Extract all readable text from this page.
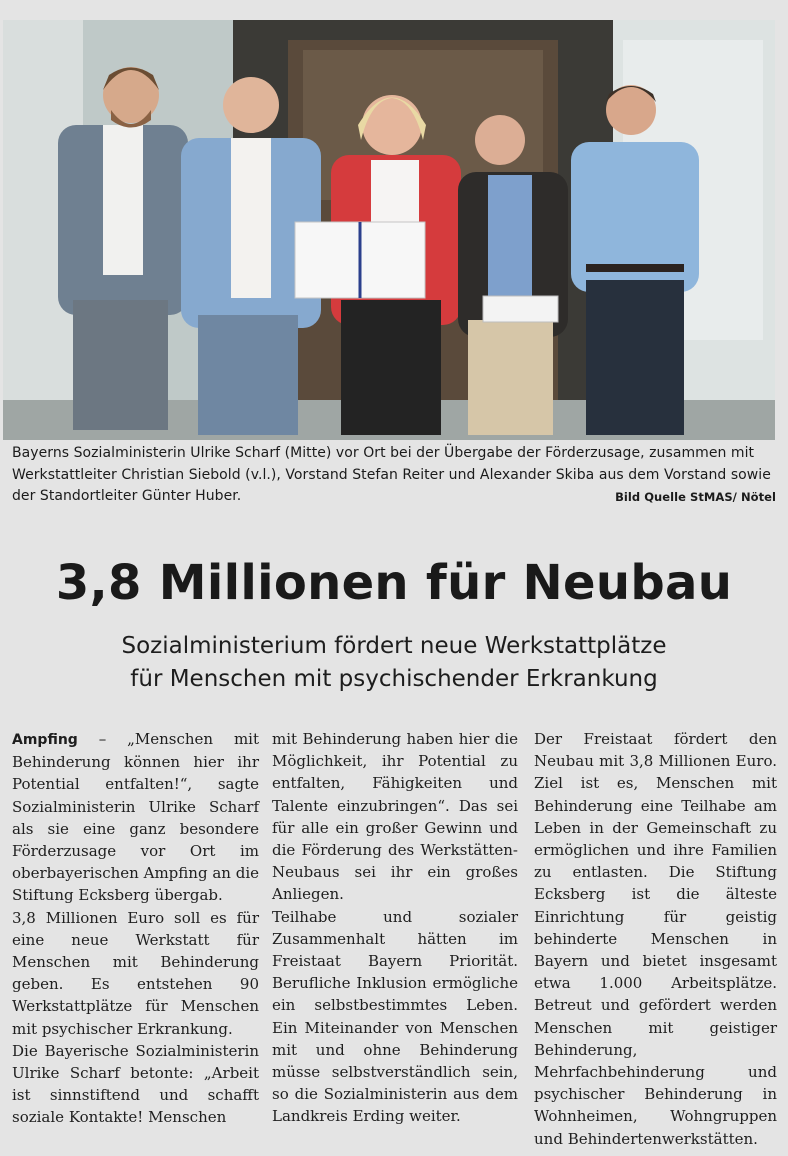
Bayerns Sozialministerin Ulrike Scharf (Mitte) vor Ort bei der Übergabe der Förderzusage, zusammen mit Werkstattleiter Christian Siebold (v.l.), Vorstand Stefan Reiter und Alexander Skiba aus dem Vorstand sowie der Standortleiter Günter Huber.	Bild Quelle StMAS/ Nötel
3,8 Millionen für Neubau
Sozialministerium fördert neue Werkstattplätze
für Menschen mit psychischender Erkrankung

Ampfing – „Menschen mit Behinderung können hier ihr Potential entfalten!“, sagte Sozialministerin Ulrike Scharf als sie eine ganz besondere Förderzusage vor Ort im oberbayerischen Ampfing an die Stiftung Ecksberg übergab.

3,8 Millionen Euro soll es für eine neue Werkstatt für Menschen mit Behinderung geben. Es entstehen 90 Werkstattplätze für Menschen mit psychischer Erkrankung.

Die Bayerische Sozialministerin Ulrike Scharf betonte: „Arbeit ist sinnstiftend und schafft soziale Kontakte! Menschen

mit Behinderung haben hier die Möglichkeit, ihr Potential zu entfalten, Fähigkeiten und Talente einzubringen“. Das sei für alle ein großer Gewinn und die Förderung des Werkstätten-Neubaus sei ihr ein großes Anliegen.

Teilhabe und sozialer Zusammenhalt hätten im Freistaat Bayern Priorität. Berufliche Inklusion ermögliche ein selbstbestimmtes Leben. Ein Miteinander von Menschen mit und ohne Behinderung müsse selbstverständlich sein, so die Sozialministerin aus dem Landkreis Erding weiter.

Der Freistaat fördert den Neubau mit 3,8 Millionen Euro. Ziel ist es, Menschen mit Behinderung eine Teilhabe am Leben in der Gemeinschaft zu ermöglichen und ihre Familien zu entlasten. Die Stiftung Ecksberg ist die älteste Einrichtung für geistig behinderte Menschen in Bayern und bietet insgesamt etwa 1.000 Arbeitsplätze. Betreut und gefördert werden Menschen mit geistiger Behinderung, Mehrfachbehinderung und psychischer Behinderung in Wohnheimen, Wohngruppen und Behindertenwerkstätten.
